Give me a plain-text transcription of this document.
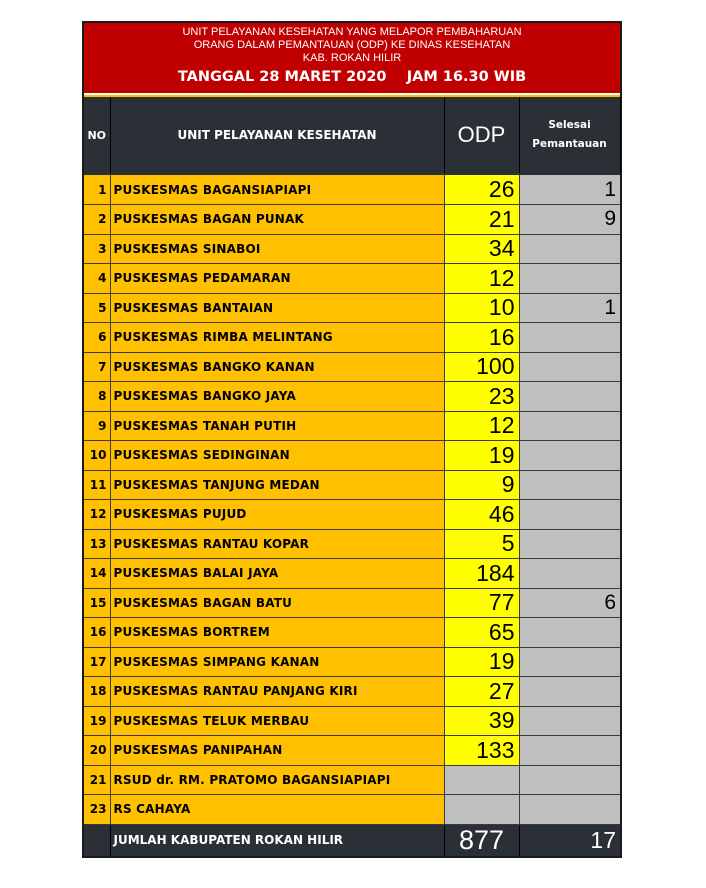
UNIT PELAYANAN KESEHATAN YANG MELAPOR PEMBAHARUAN
ORANG DALAM PEMANTAUAN (ODP) KE DINAS KESEHATAN
KAB. ROKAN HILIR
TANGGAL 28 MARET 2020    JAM 16.30 WIB
NO	UNIT PELAYANAN KESEHATAN	ODP	Selesai
Pemantauan

1	PUSKESMAS BAGANSIAPIAPI	26	1
2	PUSKESMAS BAGAN PUNAK	21	9
3	PUSKESMAS SINABOI	34	
4	PUSKESMAS PEDAMARAN	12	
5	PUSKESMAS BANTAIAN	10	1
6	PUSKESMAS RIMBA MELINTANG	16	
7	PUSKESMAS BANGKO KANAN	100	
8	PUSKESMAS BANGKO JAYA	23	
9	PUSKESMAS TANAH PUTIH	12	
10	PUSKESMAS SEDINGINAN	19	
11	PUSKESMAS TANJUNG MEDAN	9	
12	PUSKESMAS PUJUD	46	
13	PUSKESMAS RANTAU KOPAR	5	
14	PUSKESMAS BALAI JAYA	184	
15	PUSKESMAS BAGAN BATU	77	6
16	PUSKESMAS BORTREM	65	
17	PUSKESMAS SIMPANG KANAN	19	
18	PUSKESMAS RANTAU PANJANG KIRI	27	
19	PUSKESMAS TELUK MERBAU	39	
20	PUSKESMAS PANIPAHAN	133	
21	RSUD dr. RM. PRATOMO BAGANSIAPIAPI		
23	RS CAHAYA		
	JUMLAH KABUPATEN ROKAN HILIR	877	17
